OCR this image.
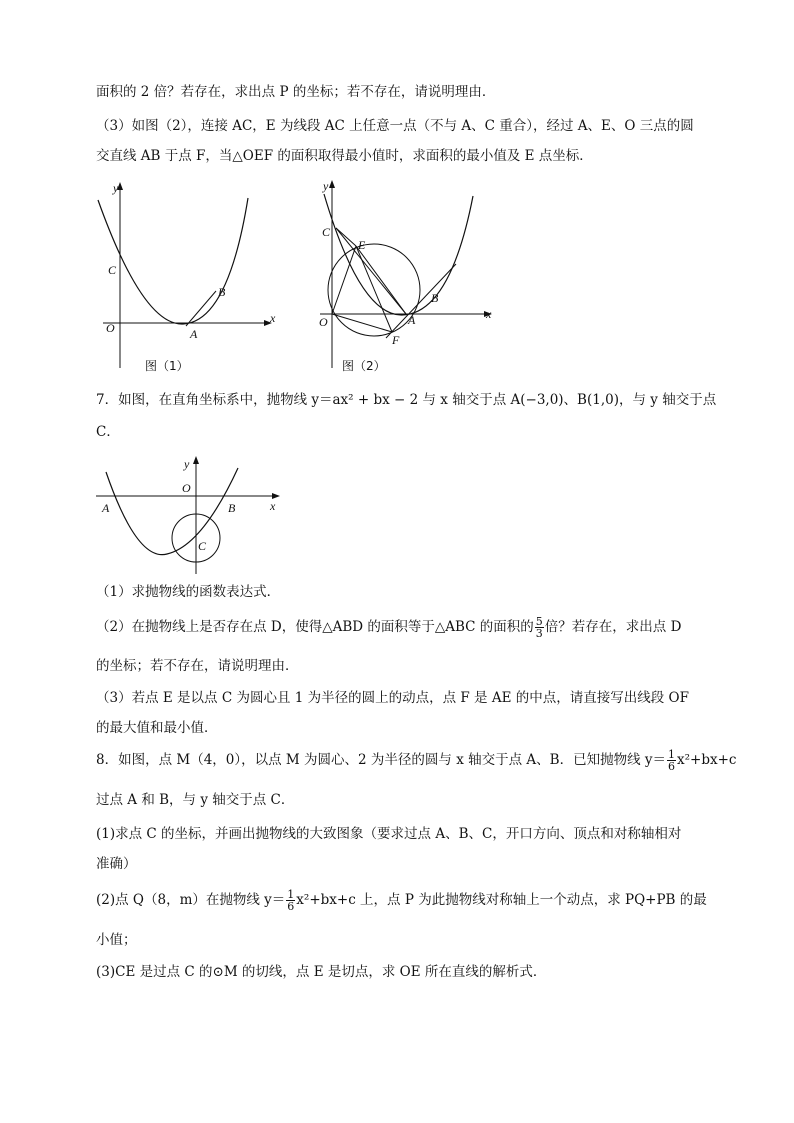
面积的 2 倍？若存在，求出点 P 的坐标；若不存在，请说明理由．
（3）如图（2），连接 AC，E 为线段 AC 上任意一点（不与 A、C 重合），经过 A、E、O 三点的圆
交直线 AB 于点 F，当△OEF 的面积取得最小值时，求面积的最小值及 E 点坐标．
y
x
O
C
A
B
图（1）
y
x
O
C
E
A
B
F
图（2）
7．如图，在直角坐标系中，抛物线 y＝ax² + bx − 2 与 x 轴交于点 A(−3,0)、B(1,0)，与 y 轴交于点
C．
y
x
O
A	B
C
（1）求抛物线的函数表达式．
（2）在抛物线上是否存在点 D，使得△ABD 的面积等于△ABC 的面积的 $\frac{5}{3}$ 倍？若存在，求出点 D
的坐标；若不存在，请说明理由．
（3）若点 E 是以点 C 为圆心且 1 为半径的圆上的动点，点 F 是 AE 的中点，请直接写出线段 OF
的最大值和最小值．
8．如图，点 M（4，0），以点 M 为圆心、2 为半径的圆与 x 轴交于点 A、B．已知抛物线 $y= \frac{1}{6} x^2+bx+c$
过点 A 和 B，与 y 轴交于点 C．
(1)求点 C 的坐标，并画出抛物线的大致图象（要求过点 A、B、C，开口方向、顶点和对称轴相对
准确）
(2)点 Q（8，m）在抛物线 $y= \frac{1}{6} x^2+bx+c$ 上，点 P 为此抛物线对称轴上一个动点，求 PQ+PB 的最
小值；
(3)CE 是过点 C 的⊙M 的切线，点 E 是切点，求 OE 所在直线的解析式．
